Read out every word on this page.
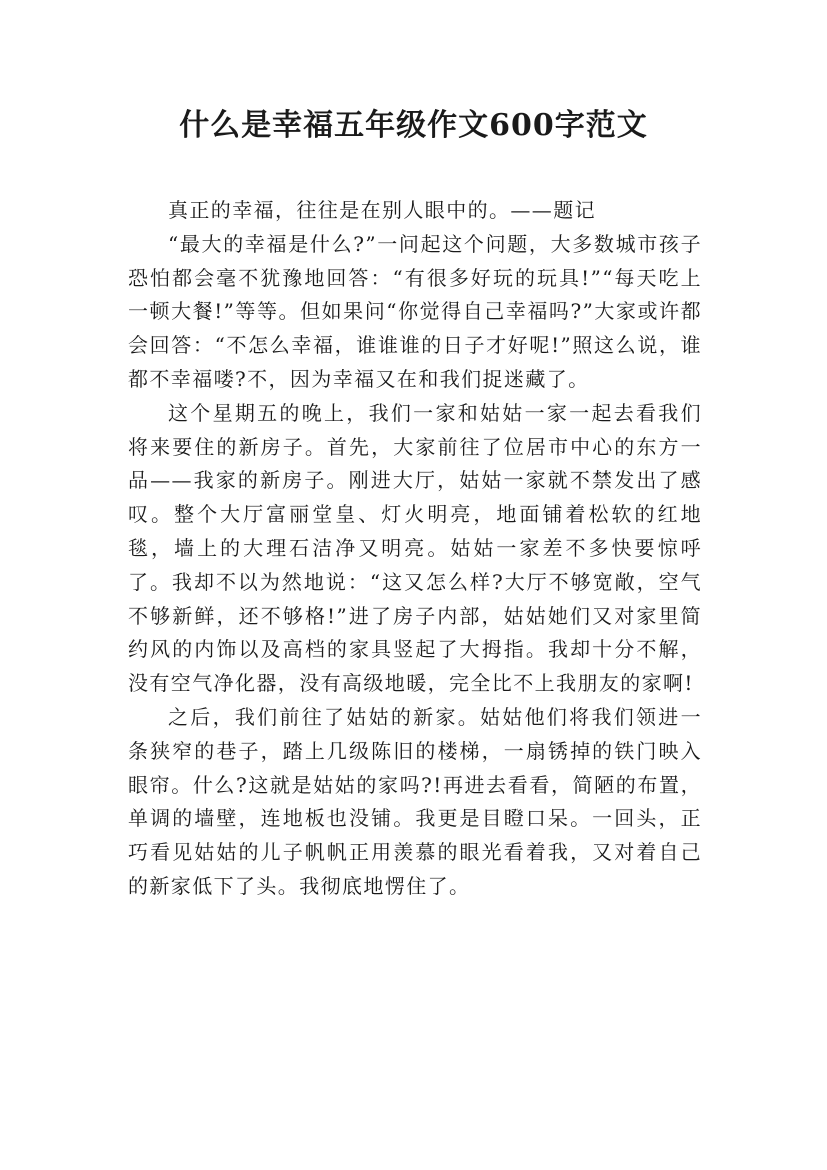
什么是幸福五年级作文600字范文

真正的幸福，往往是在别人眼中的。——题记

“最大的幸福是什么?”一问起这个问题，大多数城市孩子恐怕都会毫不犹豫地回答：“有很多好玩的玩具!”“每天吃上一顿大餐!”等等。但如果问“你觉得自己幸福吗?”大家或许都会回答：“不怎么幸福，谁谁谁的日子才好呢!”照这么说，谁都不幸福喽?不，因为幸福又在和我们捉迷藏了。

这个星期五的晚上，我们一家和姑姑一家一起去看我们将来要住的新房子。首先，大家前往了位居市中心的东方一品——我家的新房子。刚进大厅，姑姑一家就不禁发出了感叹。整个大厅富丽堂皇、灯火明亮，地面铺着松软的红地毯，墙上的大理石洁净又明亮。姑姑一家差不多快要惊呼了。我却不以为然地说：“这又怎么样?大厅不够宽敞，空气不够新鲜，还不够格!”进了房子内部，姑姑她们又对家里简约风的内饰以及高档的家具竖起了大拇指。我却十分不解，没有空气净化器，没有高级地暖，完全比不上我朋友的家啊!

之后，我们前往了姑姑的新家。姑姑他们将我们领进一条狭窄的巷子，踏上几级陈旧的楼梯，一扇锈掉的铁门映入眼帘。什么?这就是姑姑的家吗?!再进去看看，简陋的布置，单调的墙壁，连地板也没铺。我更是目瞪口呆。一回头，正巧看见姑姑的儿子帆帆正用羡慕的眼光看着我，又对着自己的新家低下了头。我彻底地愣住了。
